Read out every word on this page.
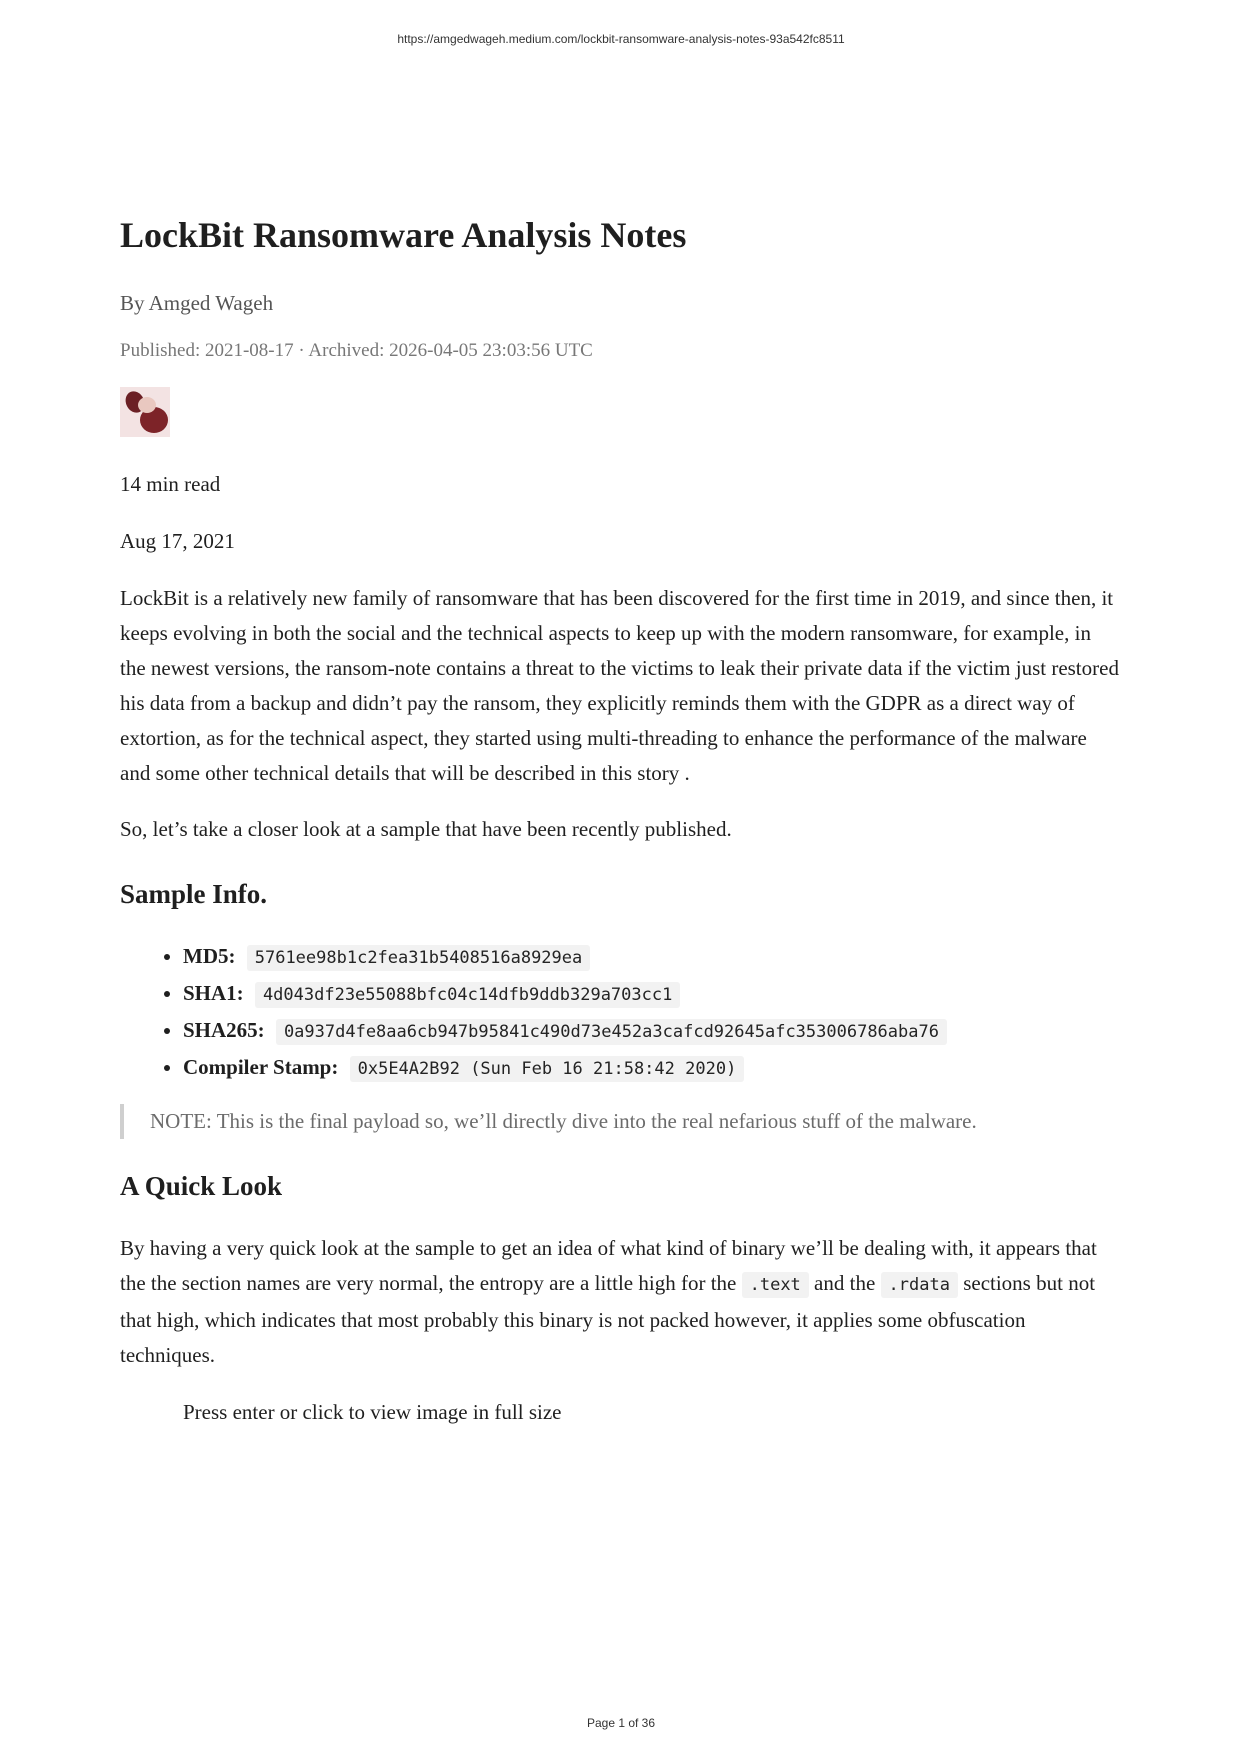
https://amgedwageh.medium.com/lockbit-ransomware-analysis-notes-93a542fc8511
LockBit Ransomware Analysis Notes
By Amged Wageh
Published: 2021-08-17 · Archived: 2026-04-05 23:03:56 UTC

14 min read

Aug 17, 2021

LockBit is a relatively new family of ransomware that has been discovered for the first time in 2019, and since then, it keeps evolving in both the social and the technical aspects to keep up with the modern ransomware, for example, in the newest versions, the ransom-note contains a threat to the victims to leak their private data if the victim just restored his data from a backup and didn’t pay the ransom, they explicitly reminds them with the GDPR as a direct way of extortion, as for the technical aspect, they started using multi-threading to enhance the performance of the malware and some other technical details that will be described in this story .

So, let’s take a closer look at a sample that have been recently published.

Sample Info.
• MD5: 5761ee98b1c2fea31b5408516a8929ea
• SHA1: 4d043df23e55088bfc04c14dfb9ddb329a703cc1
• SHA265: 0a937d4fe8aa6cb947b95841c490d73e452a3cafcd92645afc353006786aba76
• Compiler Stamp: 0x5E4A2B92 (Sun Feb 16 21:58:42 2020)
NOTE: This is the final payload so, we’ll directly dive into the real nefarious stuff of the malware.
A Quick Look

By having a very quick look at the sample to get an idea of what kind of binary we’ll be dealing with, it appears that the the section names are very normal, the entropy are a little high for the .text and the .rdata sections but not that high, which indicates that most probably this binary is not packed however, it applies some obfuscation techniques.

Press enter or click to view image in full size
Page 1 of 36
